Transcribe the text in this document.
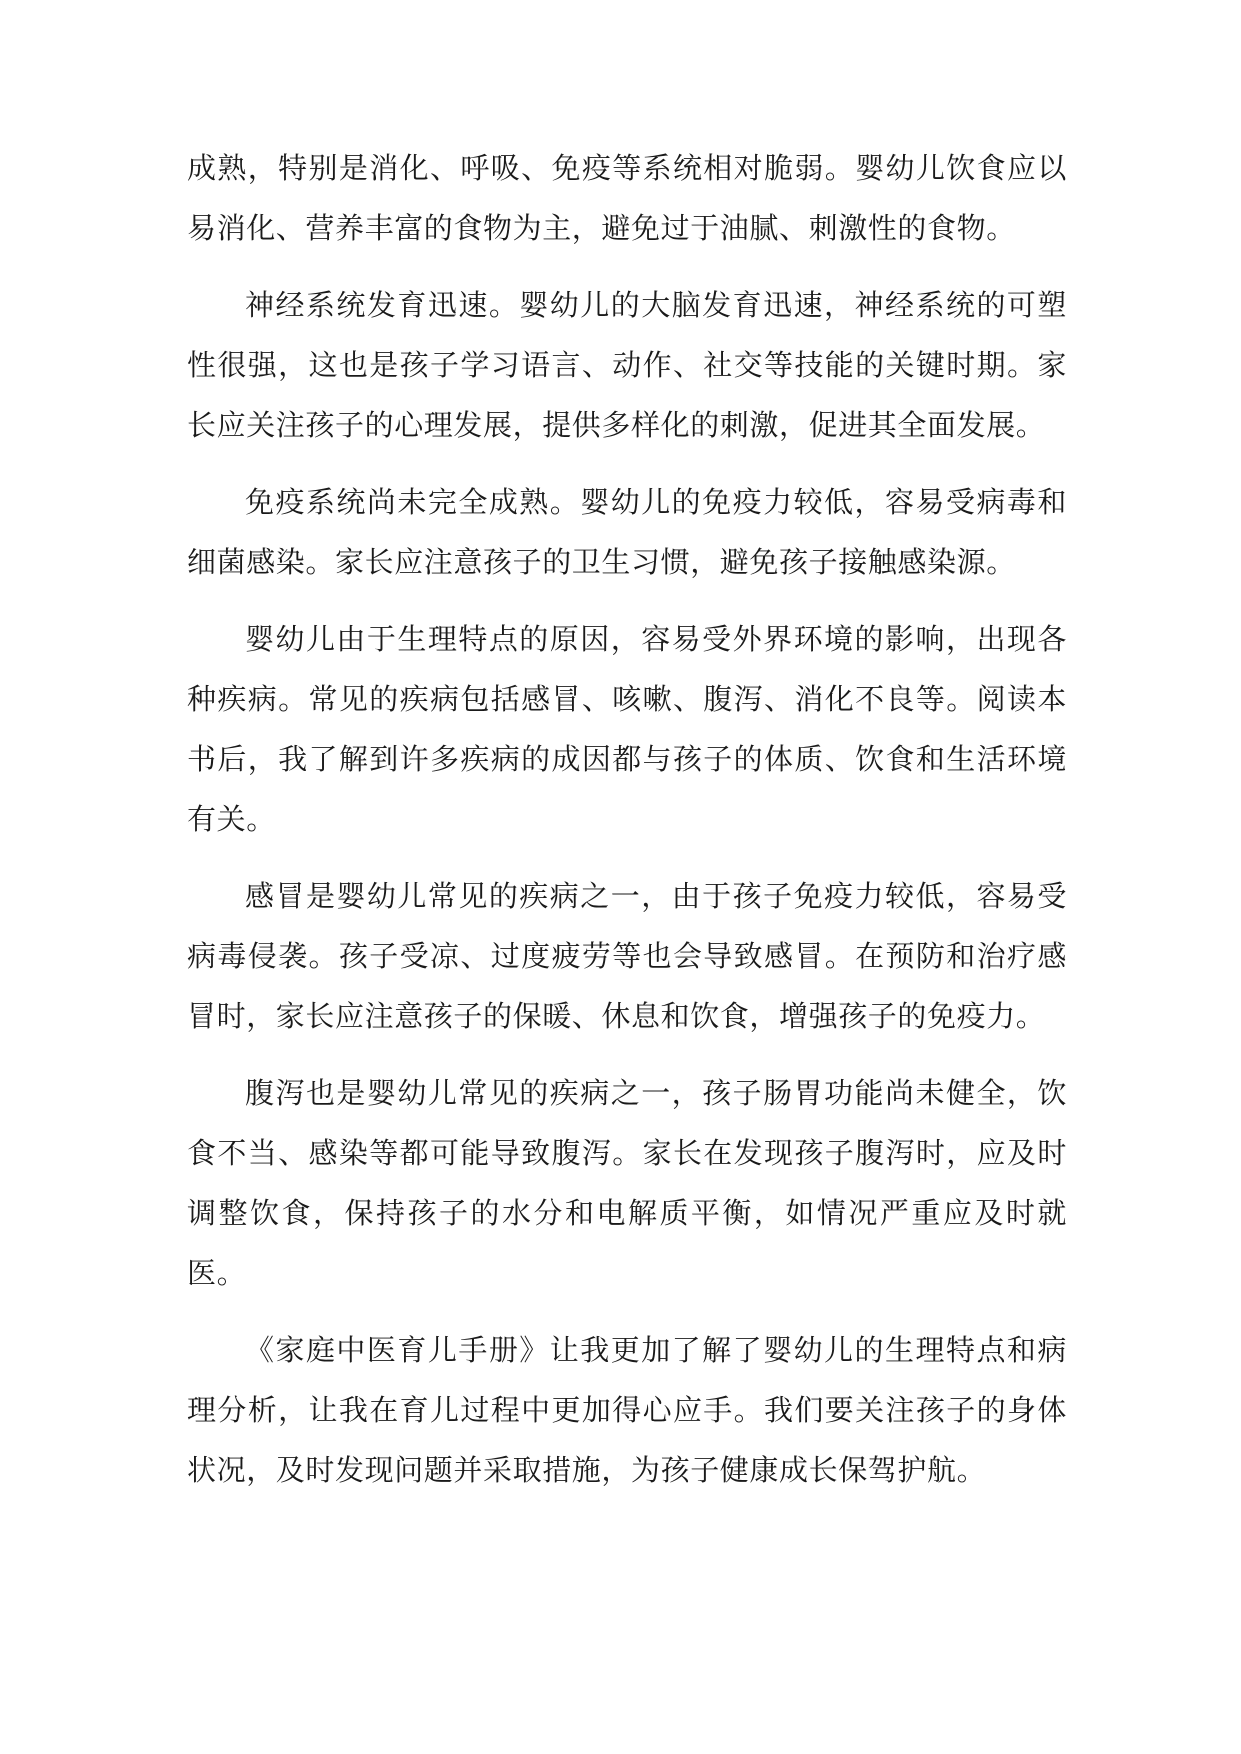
成熟，特别是消化、呼吸、免疫等系统相对脆弱。婴幼儿饮食应以易消化、营养丰富的食物为主，避免过于油腻、刺激性的食物。

神经系统发育迅速。婴幼儿的大脑发育迅速，神经系统的可塑性很强，这也是孩子学习语言、动作、社交等技能的关键时期。家长应关注孩子的心理发展，提供多样化的刺激，促进其全面发展。

免疫系统尚未完全成熟。婴幼儿的免疫力较低，容易受病毒和细菌感染。家长应注意孩子的卫生习惯，避免孩子接触感染源。

婴幼儿由于生理特点的原因，容易受外界环境的影响，出现各种疾病。常见的疾病包括感冒、咳嗽、腹泻、消化不良等。阅读本书后，我了解到许多疾病的成因都与孩子的体质、饮食和生活环境有关。

感冒是婴幼儿常见的疾病之一，由于孩子免疫力较低，容易受病毒侵袭。孩子受凉、过度疲劳等也会导致感冒。在预防和治疗感冒时，家长应注意孩子的保暖、休息和饮食，增强孩子的免疫力。

腹泻也是婴幼儿常见的疾病之一，孩子肠胃功能尚未健全，饮食不当、感染等都可能导致腹泻。家长在发现孩子腹泻时，应及时调整饮食，保持孩子的水分和电解质平衡，如情况严重应及时就医。

《家庭中医育儿手册》让我更加了解了婴幼儿的生理特点和病理分析，让我在育儿过程中更加得心应手。我们要关注孩子的身体状况，及时发现问题并采取措施，为孩子健康成长保驾护航。
